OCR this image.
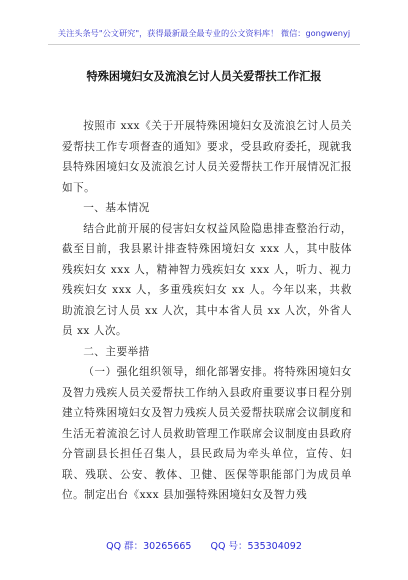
关注头条号"公文研究"，获得最新最全最专业的公文资料库！ 微信：gongwenyj
特殊困境妇女及流浪乞讨人员关爱帮扶工作汇报

按照市 xxx《关于开展特殊困境妇女及流浪乞讨人员关爱帮扶工作专项督查的通知》要求，受县政府委托，现就我县特殊困境妇女及流浪乞讨人员关爱帮扶工作开展情况汇报如下。

一、基本情况

结合此前开展的侵害妇女权益风险隐患排查整治行动，截至目前，我县累计排查特殊困境妇女 xxx 人，其中肢体残疾妇女 xxx 人，精神智力残疾妇女 xxx 人，听力、视力残疾妇女 xxx 人，多重残疾妇女 xx 人。今年以来，共救助流浪乞讨人员 xx 人次，其中本省人员 xx 人次，外省人员 xx 人次。

二、主要举措

（一）强化组织领导，细化部署安排。将特殊困境妇女及智力残疾人员关爱帮扶工作纳入县政府重要议事日程分别建立特殊困境妇女及智力残疾人员关爱帮扶联席会议制度和生活无着流浪乞讨人员救助管理工作联席会议制度由县政府分管副县长担任召集人，县民政局为牵头单位，宣传、妇联、残联、公安、教体、卫健、医保等职能部门为成员单位。制定出台《xxx 县加强特殊困境妇女及智力残

QQ 群：30265665 QQ 号：535304092
